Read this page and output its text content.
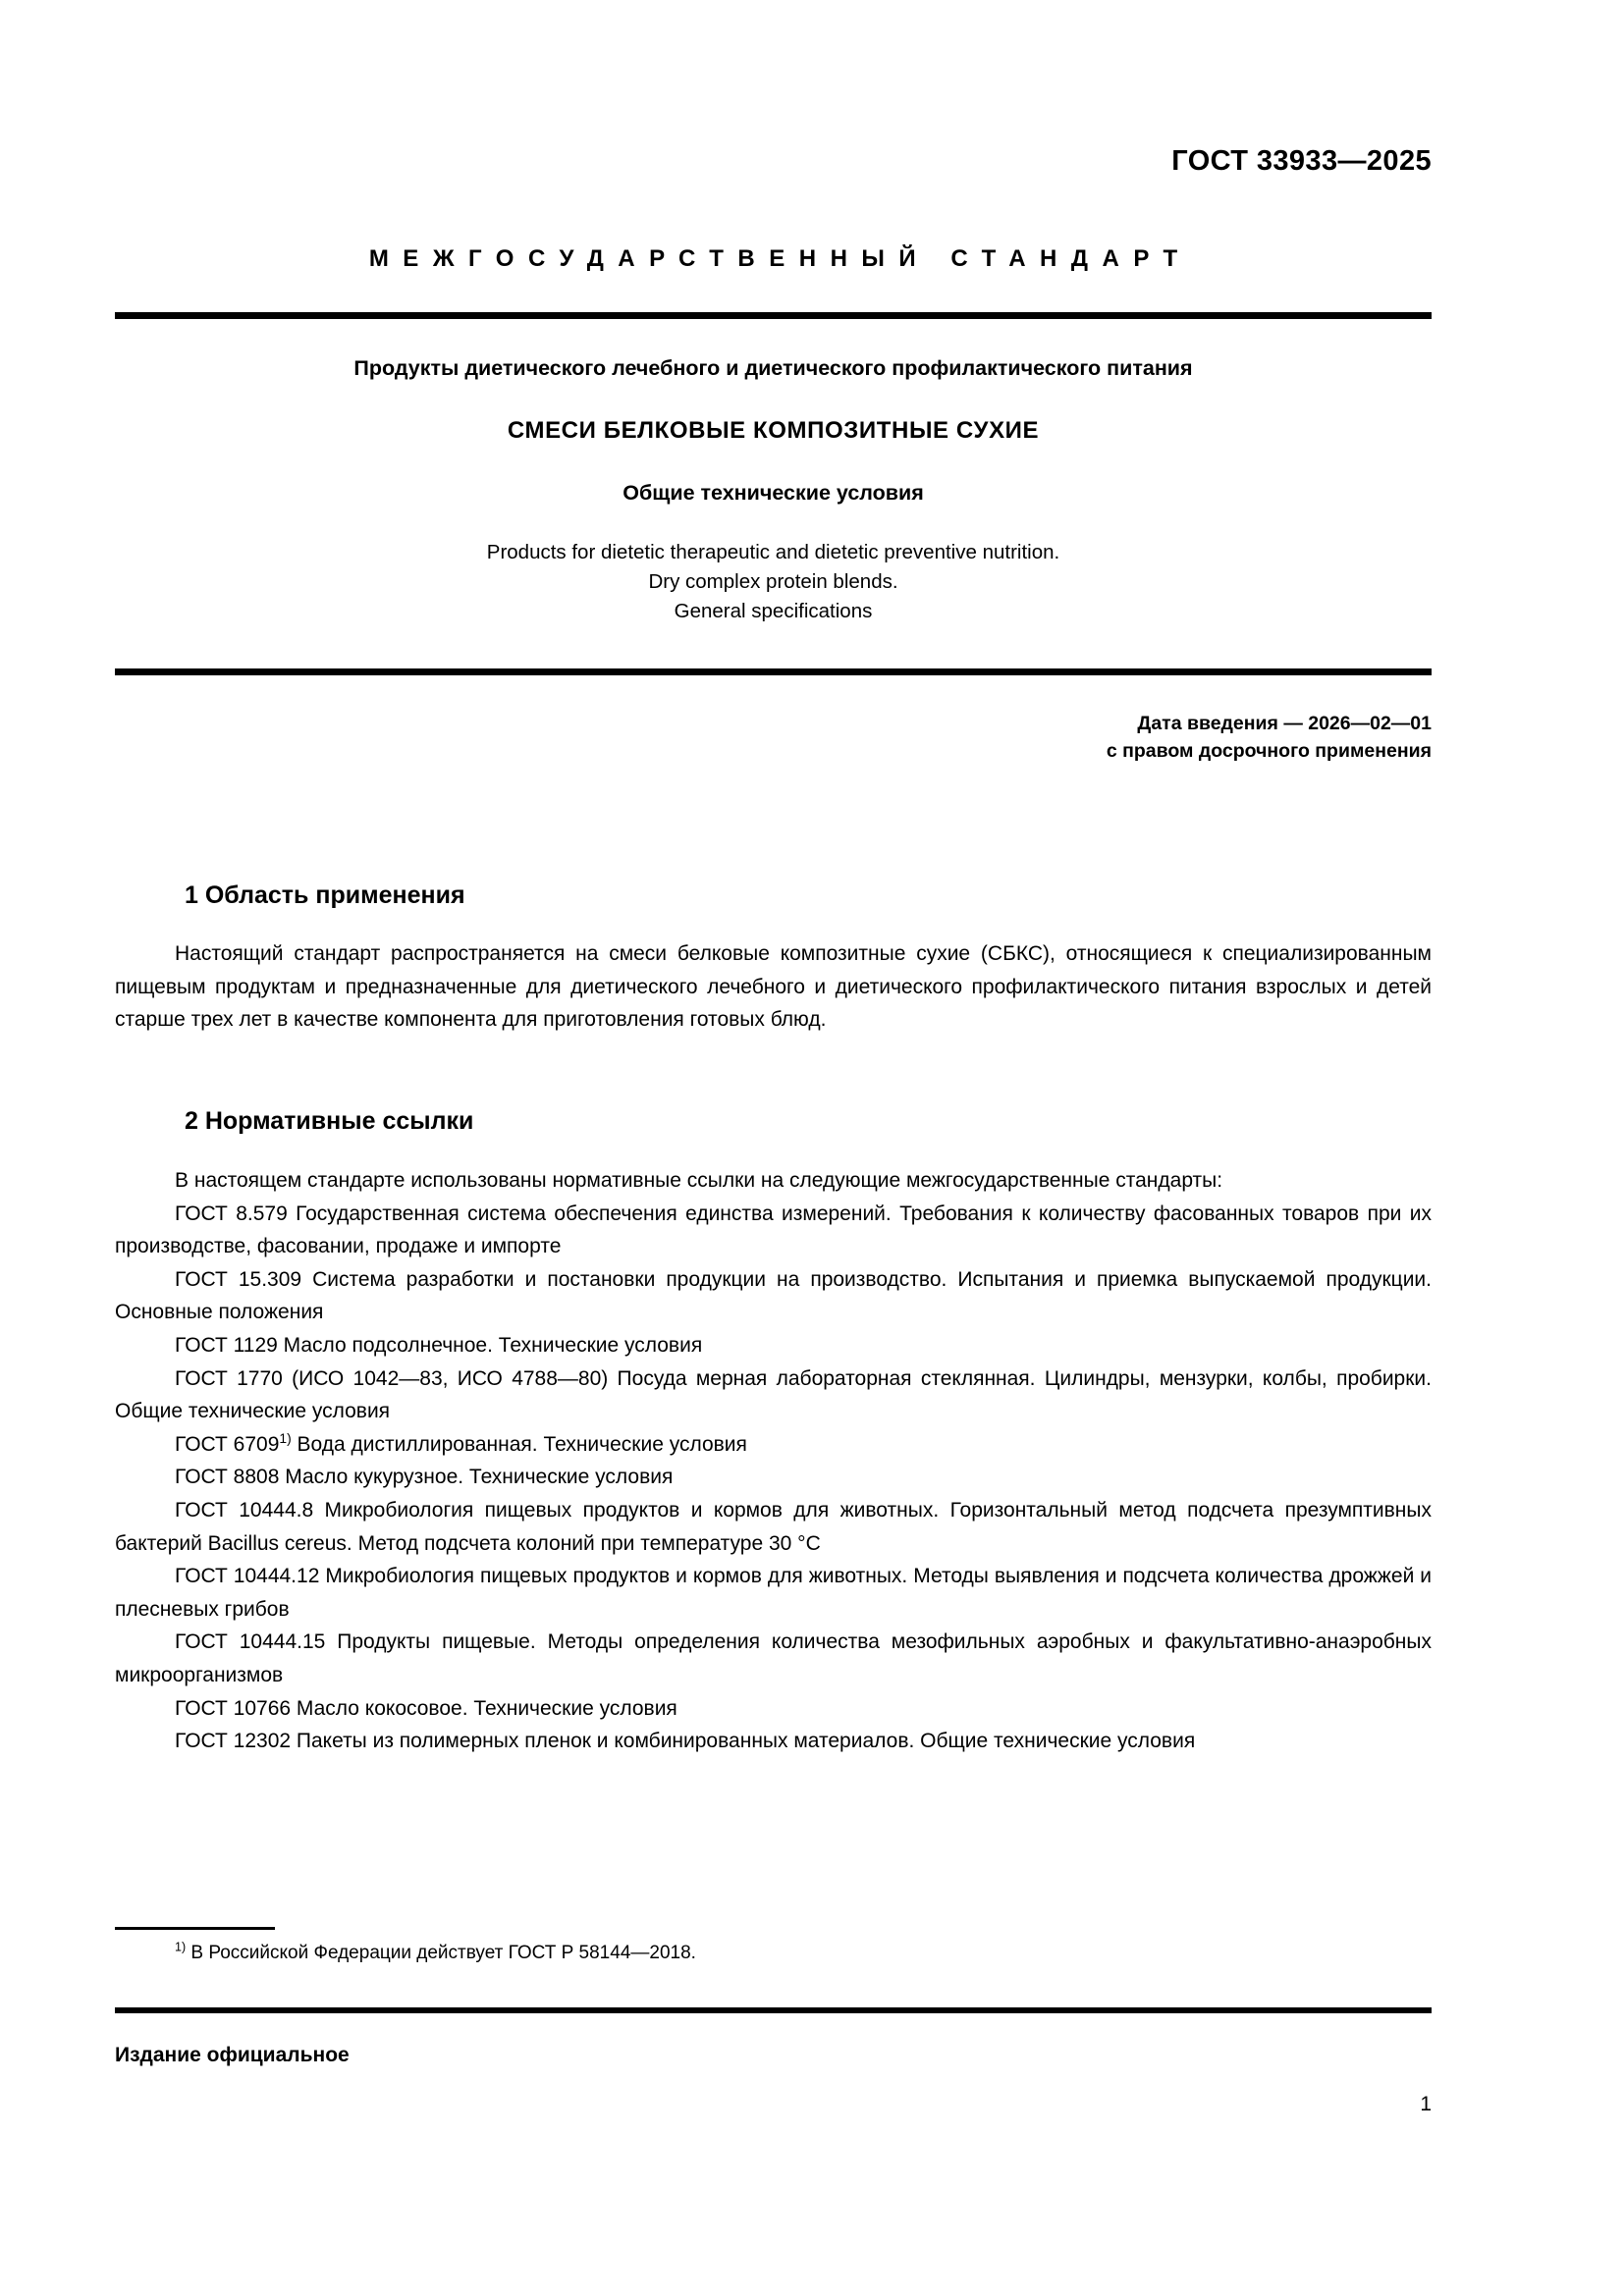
ГОСТ 33933—2025
МЕЖГОСУДАРСТВЕННЫЙ СТАНДАРТ
Продукты диетического лечебного и диетического профилактического питания
СМЕСИ БЕЛКОВЫЕ КОМПОЗИТНЫЕ СУХИЕ
Общие технические условия
Products for dietetic therapeutic and dietetic preventive nutrition.
Dry complex protein blends.
General specifications
Дата введения — 2026—02—01
с правом досрочного применения
1 Область применения

Настоящий стандарт распространяется на смеси белковые композитные сухие (СБКС), относящиеся к специализированным пищевым продуктам и предназначенные для диетического лечебного и диетического профилактического питания взрослых и детей старше трех лет в качестве компонента для приготовления готовых блюд.

2 Нормативные ссылки

В настоящем стандарте использованы нормативные ссылки на следующие межгосударственные стандарты:

ГОСТ 8.579 Государственная система обеспечения единства измерений. Требования к количеству фасованных товаров при их производстве, фасовании, продаже и импорте

ГОСТ 15.309 Система разработки и постановки продукции на производство. Испытания и приемка выпускаемой продукции. Основные положения

ГОСТ 1129 Масло подсолнечное. Технические условия

ГОСТ 1770 (ИСО 1042—83, ИСО 4788—80) Посуда мерная лабораторная стеклянная. Цилиндры, мензурки, колбы, пробирки. Общие технические условия

ГОСТ 6709$^{1)}$ Вода дистиллированная. Технические условия

ГОСТ 8808 Масло кукурузное. Технические условия

ГОСТ 10444.8 Микробиология пищевых продуктов и кормов для животных. Горизонтальный метод подсчета презумптивных бактерий Bacillus cereus. Метод подсчета колоний при температуре 30 °С

ГОСТ 10444.12 Микробиология пищевых продуктов и кормов для животных. Методы выявления и подсчета количества дрожжей и плесневых грибов

ГОСТ 10444.15 Продукты пищевые. Методы определения количества мезофильных аэробных и факультативно-анаэробных микроорганизмов

ГОСТ 10766 Масло кокосовое. Технические условия

ГОСТ 12302 Пакеты из полимерных пленок и комбинированных материалов. Общие технические условия

$^{1)}$ В Российской Федерации действует ГОСТ Р 58144—2018.
Издание официальное
1
